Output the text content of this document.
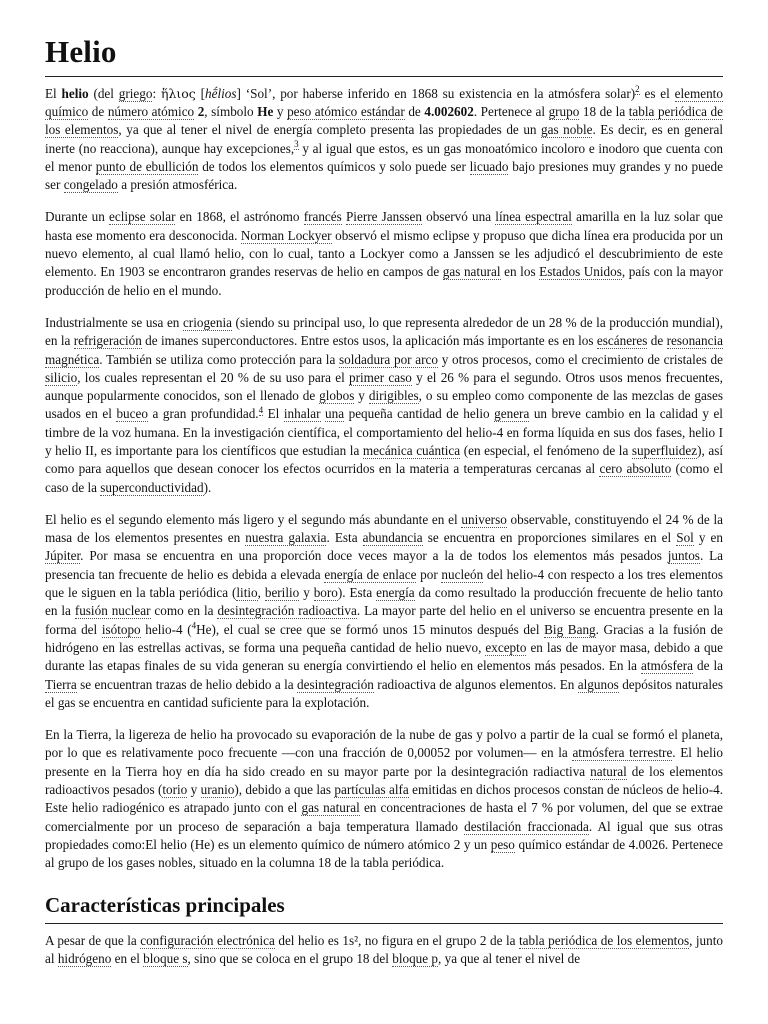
Helio

El helio (del griego: ἥλιος [hḗlios] ‘Sol’, por haberse inferido en 1868 su existencia en la atmósfera solar)$^2$ es el elemento químico de número atómico 2, símbolo He y peso atómico estándar de 4.002602. Pertenece al grupo 18 de la tabla periódica de los elementos, ya que al tener el nivel de energía completo presenta las propiedades de un gas noble. Es decir, es en general inerte (no reacciona), aunque hay excepciones,$^3$ y al igual que estos, es un gas monoatómico incoloro e inodoro que cuenta con el menor punto de ebullición de todos los elementos químicos y solo puede ser licuado bajo presiones muy grandes y no puede ser congelado a presión atmosférica.

Durante un eclipse solar en 1868, el astrónomo francés Pierre Janssen observó una línea espectral amarilla en la luz solar que hasta ese momento era desconocida. Norman Lockyer observó el mismo eclipse y propuso que dicha línea era producida por un nuevo elemento, al cual llamó helio, con lo cual, tanto a Lockyer como a Janssen se les adjudicó el descubrimiento de este elemento. En 1903 se encontraron grandes reservas de helio en campos de gas natural en los Estados Unidos, país con la mayor producción de helio en el mundo.

Industrialmente se usa en criogenia (siendo su principal uso, lo que representa alrededor de un 28 % de la producción mundial), en la refrigeración de imanes superconductores. Entre estos usos, la aplicación más importante es en los escáneres de resonancia magnética. También se utiliza como protección para la soldadura por arco y otros procesos, como el crecimiento de cristales de silicio, los cuales representan el 20 % de su uso para el primer caso y el 26 % para el segundo. Otros usos menos frecuentes, aunque popularmente conocidos, son el llenado de globos y dirigibles, o su empleo como componente de las mezclas de gases usados en el buceo a gran profundidad.$^4$ El inhalar una pequeña cantidad de helio genera un breve cambio en la calidad y el timbre de la voz humana. En la investigación científica, el comportamiento del helio-4 en forma líquida en sus dos fases, helio I y helio II, es importante para los científicos que estudian la mecánica cuántica (en especial, el fenómeno de la superfluidez), así como para aquellos que desean conocer los efectos ocurridos en la materia a temperaturas cercanas al cero absoluto (como el caso de la superconductividad).

El helio es el segundo elemento más ligero y el segundo más abundante en el universo observable, constituyendo el 24 % de la masa de los elementos presentes en nuestra galaxia. Esta abundancia se encuentra en proporciones similares en el Sol y en Júpiter. Por masa se encuentra en una proporción doce veces mayor a la de todos los elementos más pesados juntos. La presencia tan frecuente de helio es debida a elevada energía de enlace por nucleón del helio-4 con respecto a los tres elementos que le siguen en la tabla periódica (litio, berilio y boro). Esta energía da como resultado la producción frecuente de helio tanto en la fusión nuclear como en la desintegración radioactiva. La mayor parte del helio en el universo se encuentra presente en la forma del isótopo helio-4 ($^4$He), el cual se cree que se formó unos 15 minutos después del Big Bang. Gracias a la fusión de hidrógeno en las estrellas activas, se forma una pequeña cantidad de helio nuevo, excepto en las de mayor masa, debido a que durante las etapas finales de su vida generan su energía convirtiendo el helio en elementos más pesados. En la atmósfera de la Tierra se encuentran trazas de helio debido a la desintegración radioactiva de algunos elementos. En algunos depósitos naturales el gas se encuentra en cantidad suficiente para la explotación.

En la Tierra, la ligereza de helio ha provocado su evaporación de la nube de gas y polvo a partir de la cual se formó el planeta, por lo que es relativamente poco frecuente —con una fracción de 0,00052 por volumen— en la atmósfera terrestre. El helio presente en la Tierra hoy en día ha sido creado en su mayor parte por la desintegración radiactiva natural de los elementos radioactivos pesados (torio y uranio), debido a que las partículas alfa emitidas en dichos procesos constan de núcleos de helio-4. Este helio radiogénico es atrapado junto con el gas natural en concentraciones de hasta el 7 % por volumen, del que se extrae comercialmente por un proceso de separación a baja temperatura llamado destilación fraccionada. Al igual que sus otras propiedades como:El helio (He) es un elemento químico de número atómico 2 y un peso químico estándar de 4.0026. Pertenece al grupo de los gases nobles, situado en la columna 18 de la tabla periódica.

Características principales

A pesar de que la configuración electrónica del helio es 1s², no figura en el grupo 2 de la tabla periódica de los elementos, junto al hidrógeno en el bloque s, sino que se coloca en el grupo 18 del bloque p, ya que al tener el nivel de
